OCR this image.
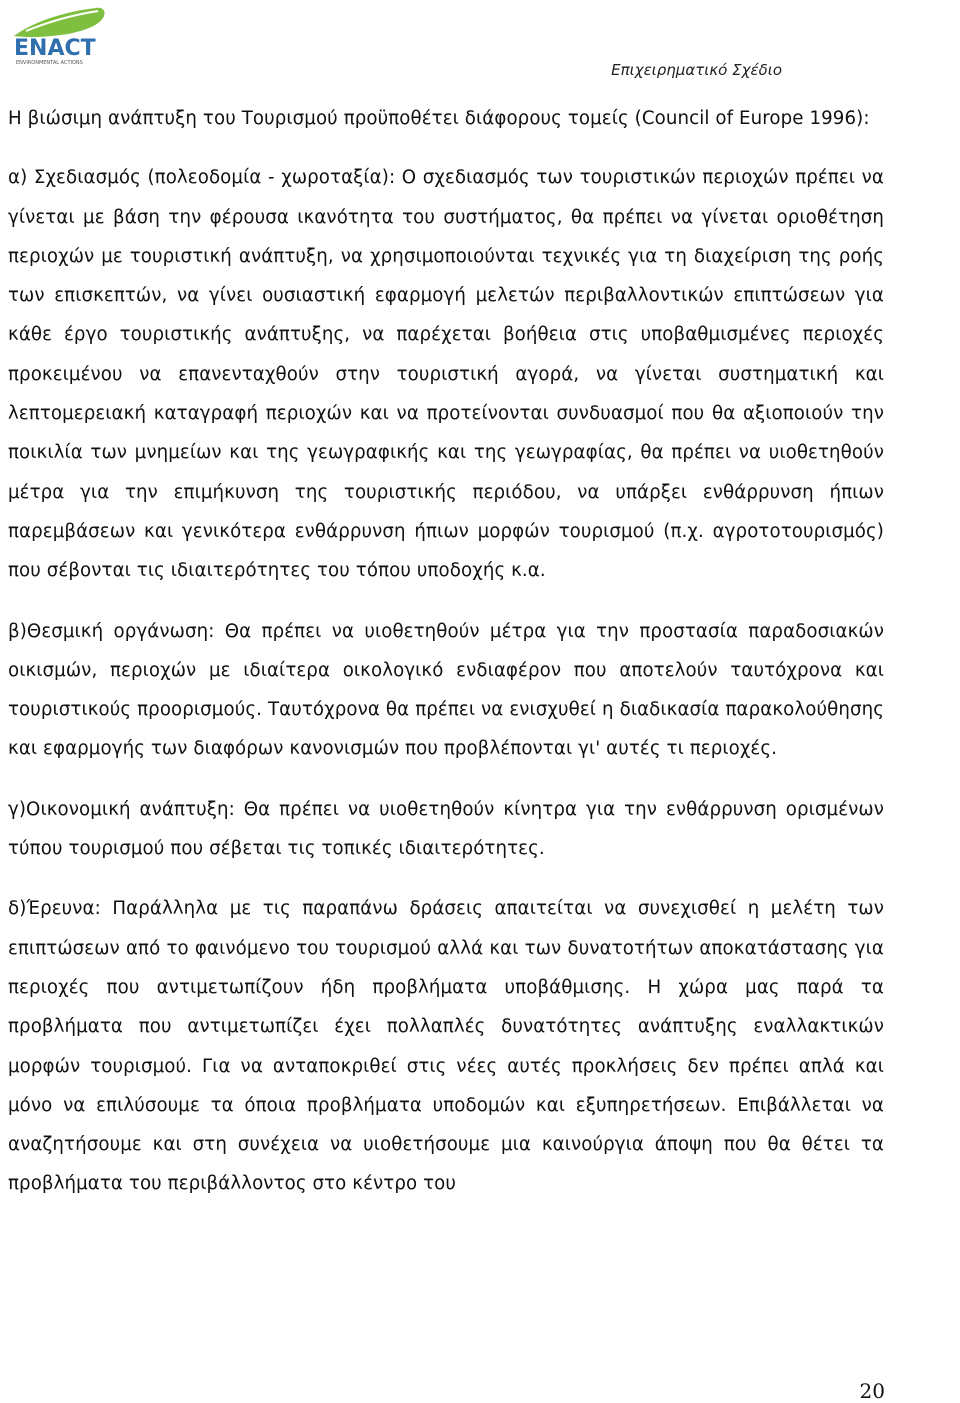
ENACT
ENVIRONMENTAL ACTIONS	Επιχειρηματικό Σχέδιο

Η βιώσιμη ανάπτυξη του Τουρισμού προϋποθέτει διάφορους τομείς (Council of Europe 1996):

α) Σχεδιασμός (πολεοδομία - χωροταξία): Ο σχεδιασμός των τουριστικών περιοχών πρέπει να γίνεται με βάση την φέρουσα ικανότητα του συστήματος, θα πρέπει να γίνεται οριοθέτηση περιοχών με τουριστική ανάπτυξη, να χρησιμοποιούνται τεχνικές για τη διαχείριση της ροής των επισκεπτών, να γίνει ουσιαστική εφαρμογή μελετών περιβαλλοντικών επιπτώσεων για κάθε έργο τουριστικής ανάπτυξης, να παρέχεται βοήθεια στις υποβαθμισμένες περιοχές προκειμένου να επανενταχθούν στην τουριστική αγορά, να γίνεται συστηματική και λεπτομερειακή καταγραφή περιοχών και να προτείνονται συνδυασμοί που θα αξιοποιούν την ποικιλία των μνημείων και της γεωγραφικής και της γεωγραφίας, θα πρέπει να υιοθετηθούν μέτρα για την επιμήκυνση της τουριστικής περιόδου, να υπάρξει ενθάρρυνση ήπιων παρεμβάσεων και γενικότερα ενθάρρυνση ήπιων μορφών τουρισμού (π.χ. αγροτοτουρισμός) που σέβονται τις ιδιαιτερότητες του τόπου υποδοχής κ.α.

β)Θεσμική οργάνωση: Θα πρέπει να υιοθετηθούν μέτρα για την προστασία παραδοσιακών οικισμών, περιοχών με ιδιαίτερα οικολογικό ενδιαφέρον που αποτελούν ταυτόχρονα και τουριστικούς προορισμούς. Ταυτόχρονα θα πρέπει να ενισχυθεί η διαδικασία παρακολούθησης και εφαρμογής των διαφόρων κανονισμών που προβλέπονται γι' αυτές τι περιοχές.

γ)Οικονομική ανάπτυξη: Θα πρέπει να υιοθετηθούν κίνητρα για την ενθάρρυνση ορισμένων τύπου τουρισμού που σέβεται τις τοπικές ιδιαιτερότητες.

δ)Έρευνα: Παράλληλα με τις παραπάνω δράσεις απαιτείται να συνεχισθεί η μελέτη των επιπτώσεων από το φαινόμενο του τουρισμού αλλά και των δυνατοτήτων αποκατάστασης για περιοχές που αντιμετωπίζουν ήδη προβλήματα υποβάθμισης. Η χώρα μας παρά τα προβλήματα που αντιμετωπίζει έχει πολλαπλές δυνατότητες ανάπτυξης εναλλακτικών μορφών τουρισμού. Για να ανταποκριθεί στις νέες αυτές προκλήσεις δεν πρέπει απλά και μόνο να επιλύσουμε τα όποια προβλήματα υποδομών και εξυπηρετήσεων. Επιβάλλεται να αναζητήσουμε και στη συνέχεια να υιοθετήσουμε μια καινούργια άποψη που θα θέτει τα προβλήματα του περιβάλλοντος στο κέντρο του

20
